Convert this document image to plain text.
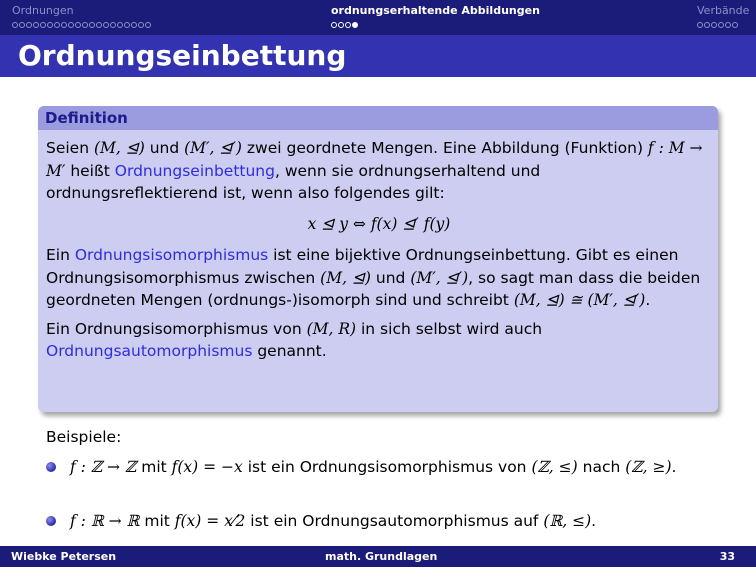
Ordnungen	ordnungserhaltende Abbildungen	Verbände
Ordnungseinbettung
Definition

Seien (M, ⊴) und (M′, ⊴′) zwei geordnete Mengen. Eine Abbildung (Funktion) f : M → M′ heißt Ordnungseinbettung, wenn sie ordnungserhaltend und ordnungsreflektierend ist, wenn also folgendes gilt:

x ⊴ y ⇔ f(x) ⊴′ f(y)

Ein Ordnungsisomorphismus ist eine bijektive Ordnungseinbettung. Gibt es einen Ordnungsisomorphismus zwischen (M, ⊴) und (M′, ⊴′), so sagt man dass die beiden geordneten Mengen (ordnungs-)isomorph sind und schreibt (M, ⊴) ≅ (M′, ⊴′).

Ein Ordnungsisomorphismus von (M, R) in sich selbst wird auch Ordnungsautomorphismus genannt.

Beispiele:
f : ℤ → ℤ mit f(x) = −x ist ein Ordnungsisomorphismus von (ℤ, ≤) nach (ℤ, ≥).
f : ℝ → ℝ mit f(x) = x⁄2 ist ein Ordnungsautomorphismus auf (ℝ, ≤).
Wiebke Petersen	math. Grundlagen	33
